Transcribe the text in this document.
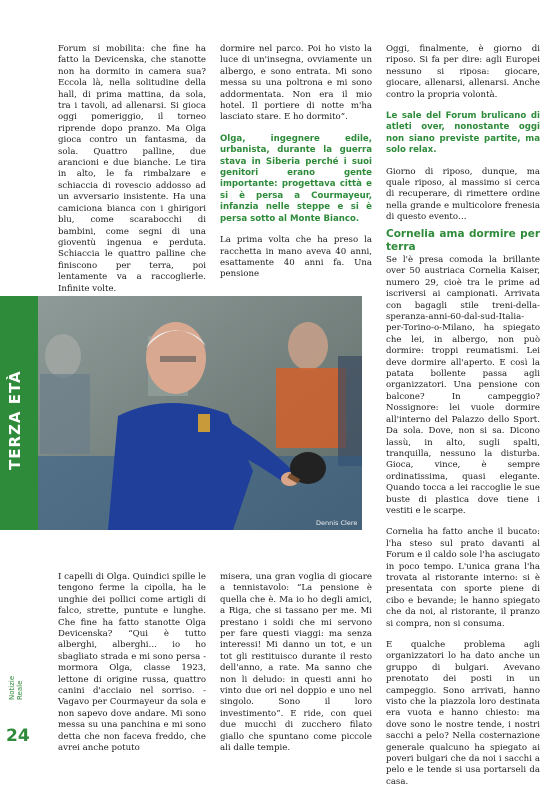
Forum si mobilita: che fine ha fatto la Devicenska, che stanotte non ha dormito in camera sua? Eccola là, nella solitudine della hall, di prima mattina, da sola, tra i tavoli, ad allenarsi. Si gioca oggi pomeriggio, il torneo riprende dopo pranzo. Ma Olga gioca contro un fantasma, da sola. Quattro palline, due arancioni e due bianche. Le tira in alto, le fa rimbalzare e schiaccia di rovescio addosso ad un avversario insistente. Ha una camiciona bianca con i ghirigori blu, come scarabocchi di bambini, come segni di una gioventù ingenua e perduta. Schiaccia le quattro palline che finiscono per terra, poi lentamente va a raccoglierle. Infinite volte.

dormire nel parco. Poi ho visto la luce di un'insegna, ovviamente un albergo, e sono entrata. Mi sono messa su una poltrona e mi sono addormentata. Non era il mio hotel. Il portiere di notte m'ha lasciato stare. E ho dormito”.

Olga, ingegnere edile, urbanista, durante la guerra stava in Siberia perché i suoi genitori erano gente importante: progettava città e si è persa a Courmayeur, infanzia nelle steppe e si è persa sotto al Monte Bianco.

La prima volta che ha preso la racchetta in mano aveva 40 anni, esattamente 40 anni fa. Una pensione

Oggi, finalmente, è giorno di riposo. Si fa per dire: agli Europei nessuno si riposa: giocare, giocare, allenarsi, allenarsi. Anche contro la propria volontà.

Le sale del Forum brulicano di atleti over, nonostante oggi non siano previste partite, ma solo relax.

Giorno di riposo, dunque, ma quale riposo, al massimo si cerca di recuperare, di rimettere ordine nella grande e multicolore frenesia di questo evento…

Cornelia ama dormire per terra

Se l'è presa comoda la brillante over 50 austriaca Cornelia Kaiser, numero 29, cioè tra le prime ad iscriversi ai campionati. Arrivata con bagagli stile treni-della-speranza-anni-60-dal-sud-Italia-per-Torino-o-Milano, ha spiegato che lei, in albergo, non può dormire: troppi reumatismi. Lei deve dormire all'aperto. E così la patata bollente passa agli organizzatori. Una pensione con balcone? In campeggio? Nossignore: lei vuole dormire all'interno del Palazzo dello Sport. Da sola. Dove, non si sa. Dicono lassù, in alto, sugli spalti, tranquilla, nessuno la disturba. Gioca, vince, è sempre ordinatissima, quasi elegante. Quando tocca a lei raccoglie le sue buste di plastica dove tiene i vestiti e le scarpe.

Cornelia ha fatto anche il bucato: l'ha steso sul prato davanti al Forum e il caldo sole l'ha asciugato in poco tempo. L'unica grana l'ha trovata al ristorante interno: si è presentata con sporte piene di cibo e bevande; le hanno spiegato che da noi, al ristorante, il pranzo si compra, non si consuma.

E qualche problema agli organizzatori lo ha dato anche un gruppo di bulgari. Avevano prenotato dei posti in un campeggio. Sono arrivati, hanno visto che la piazzola loro destinata era vuota e hanno chiesto: ma dove sono le nostre tende, i nostri sacchi a pelo? Nella costernazione generale qualcuno ha spiegato ai poveri bulgari che da noi i sacchi a pelo e le tende si usa portarseli da casa.

TERZA ETÀ
Dennis Clere

I capelli di Olga. Quindici spille le tengono ferme la cipolla, ha le unghie dei pollici come artigli di falco, strette, puntute e lunghe. Che fine ha fatto stanotte Olga Devicenska? “Qui è tutto alberghi, alberghi… io ho sbagliato strada e mi sono persa - mormora Olga, classe 1923, lettone di origine russa, quattro canini d'acciaio nel sorriso. - Vagavo per Courmayeur da sola e non sapevo dove andare. Mi sono messa su una panchina e mi sono detta che non faceva freddo, che avrei anche potuto

misera, una gran voglia di giocare a tennistavolo: “La pensione è quella che è. Ma io ho degli amici, a Riga, che si tassano per me. Mi prestano i soldi che mi servono per fare questi viaggi: ma senza interessi! Mi danno un tot, e un tot gli restituisco durante il resto dell'anno, a rate. Ma sanno che non li deludo: in questi anni ho vinto due ori nel doppio e uno nel singolo. Sono il loro investimento”. E ride, con quei due mucchi di zucchero filato giallo che spuntano come piccole ali dalle tempie.

Notizie Reale
24
